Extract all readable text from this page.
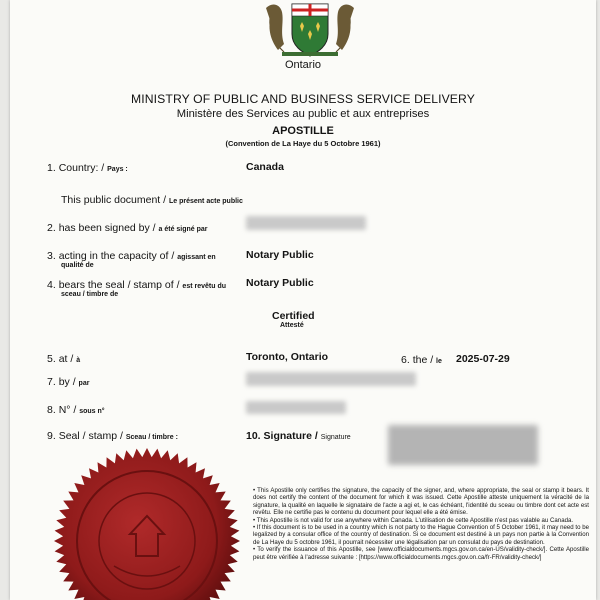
Ontario
MINISTRY OF PUBLIC AND BUSINESS SERVICE DELIVERY
Ministère des Services au public et aux entreprises
APOSTILLE
(Convention de La Haye du 5 Octobre 1961)
1. Country: / Pays :	Canada
This public document / Le présent acte public
2. has been signed by / a été signé par
3. acting in the capacity of / agissant en
qualité de
Notary Public
4. bears the seal / stamp of / est revêtu du
sceau / timbre de
Notary Public
Certified
Attesté
5. at / à	Toronto, Ontario	6. the / le 2025-07-29
7. by / par
8. N° / sous n°
9. Seal / stamp / Sceau / timbre :	10. Signature / Signature

• This Apostille only certifies the signature, the capacity of the signer, and, where appropriate, the seal or stamp it bears. It does not certify the content of the document for which it was issued. Cette Apostille atteste uniquement la véracité de la signature, la qualité en laquelle le signataire de l'acte a agi et, le cas échéant, l'identité du sceau ou timbre dont cet acte est revêtu. Elle ne certifie pas le contenu du document pour lequel elle a été émise.

• This Apostille is not valid for use anywhere within Canada. L'utilisation de cette Apostille n'est pas valable au Canada.

• If this document is to be used in a country which is not party to the Hague Convention of 5 October 1961, it may need to be legalized by a consular office of the country of destination. Si ce document est destiné à un pays non partie à la Convention de La Haye du 5 octobre 1961, il pourrait nécessiter une légalisation par un consulat du pays de destination.

• To verify the issuance of this Apostille, see [www.officialdocuments.mgcs.gov.on.ca/en-US/validity-check/]. Cette Apostille peut être vérifiée à l'adresse suivante : [https://www.officialdocuments.mgcs.gov.on.ca/fr-FR/validity-check/]
